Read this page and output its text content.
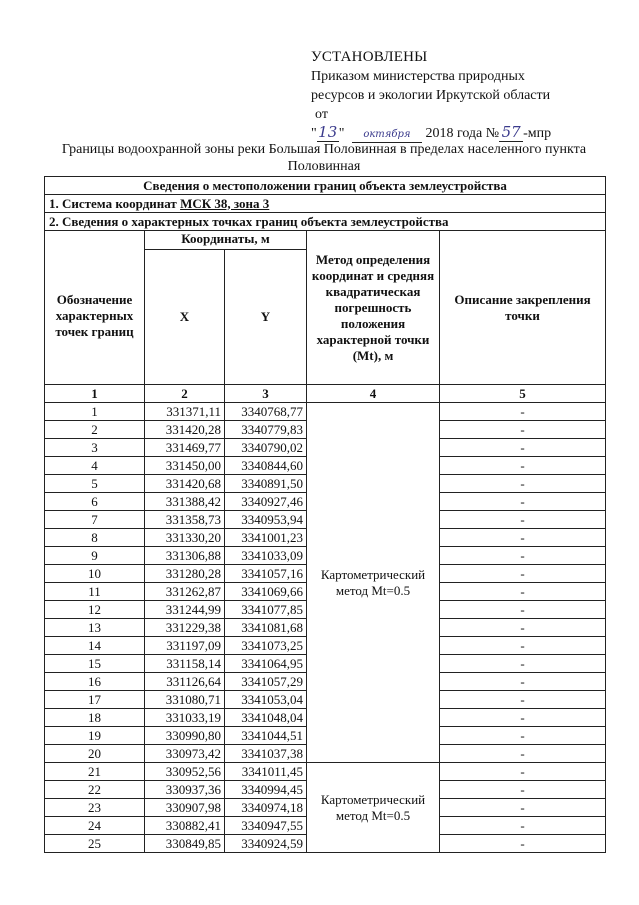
УСТАНОВЛЕНЫ
Приказом министерства природных
ресурсов и экологии Иркутской области
от
"13" октября 2018 года № 57 -мпр
Границы водоохранной зоны реки Большая Половинная в пределах населенного пункта Половинная
Сведения о местоположении границ объекта землеустройства				
1. Система координат МСК 38, зона 3				
2. Сведения о характерных точках границ объекта землеустройства				
Обозначение характерных точек границ	Координаты, м		Метод определения координат и средняя квадратическая погрешность положения характерной точки (Mt), м	Описание закрепления точки
	X	Y		
1	2	3	4	5
1	331371,11	3340768,77	Картометрический метод Mt=0.5	-
2	331420,28	3340779,83		-
3	331469,77	3340790,02		-
4	331450,00	3340844,60		-
5	331420,68	3340891,50		-
6	331388,42	3340927,46		-
7	331358,73	3340953,94		-
8	331330,20	3341001,23		-
9	331306,88	3341033,09		-
10	331280,28	3341057,16		-
11	331262,87	3341069,66		-
12	331244,99	3341077,85		-
13	331229,38	3341081,68		-
14	331197,09	3341073,25		-
15	331158,14	3341064,95		-
16	331126,64	3341057,29		-
17	331080,71	3341053,04		-
18	331033,19	3341048,04		-
19	330990,80	3341044,51		-
20	330973,42	3341037,38		-
21	330952,56	3341011,45	Картометрический метод Mt=0.5	-
22	330937,36	3340994,45		-
23	330907,98	3340974,18		-
24	330882,41	3340947,55		-
25	330849,85	3340924,59		-
